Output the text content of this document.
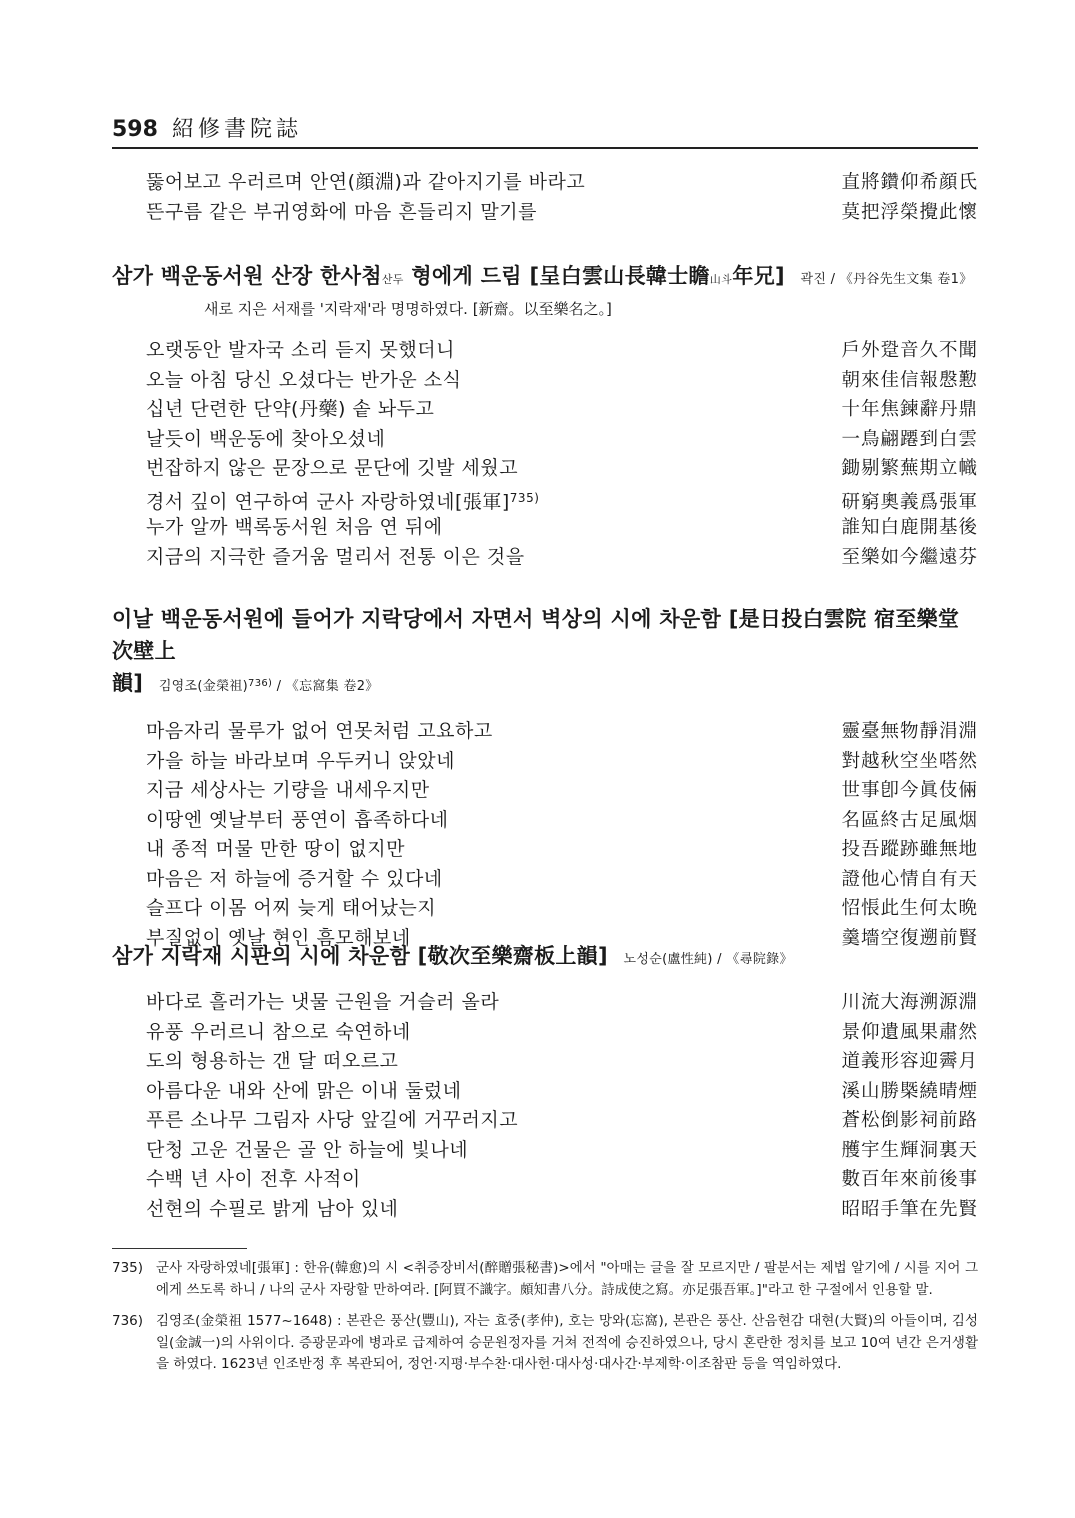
598 紹修書院誌
뚫어보고 우러르며 안연(顔淵)과 같아지기를 바라고	直將鑽仰希顔氏
뜬구름 같은 부귀영화에 마음 흔들리지 말기를	莫把浮榮攪此懷
삼가 백운동서원 산장 한사첨산두 형에게 드림 [呈白雲山長韓士瞻山斗年兄] 곽진 / 《丹谷先生文集 卷1》
새로 지은 서재를 '지락재'라 명명하였다. [新齋。以至樂名之。]
오랫동안 발자국 소리 듣지 못했더니	戶外跫音久不聞
오늘 아침 당신 오셨다는 반가운 소식	朝來佳信報慇懃
십년 단련한 단약(丹藥) 솥 놔두고	十年焦鍊辭丹鼎
날듯이 백운동에 찾아오셨네	一鳥翩蹮到白雲
번잡하지 않은 문장으로 문단에 깃발 세웠고	鋤剔繁蕪期立幟
경서 깊이 연구하여 군사 자랑하였네[張軍]$^{735)}$	研窮奧義爲張軍
누가 알까 백록동서원 처음 연 뒤에	誰知白鹿開基後
지금의 지극한 즐거움 멀리서 전통 이은 것을	至樂如今繼遠芬
이날 백운동서원에 들어가 지락당에서 자면서 벽상의 시에 차운함 [是日投白雲院 宿至樂堂 次壁上
韻] 김영조(金榮祖)$^{736)}$ / 《忘窩集 卷2》
마음자리 물루가 없어 연못처럼 고요하고	靈臺無物靜涓淵
가을 하늘 바라보며 우두커니 앉았네	對越秋空坐嗒然
지금 세상사는 기량을 내세우지만	世事卽今眞伎倆
이땅엔 옛날부터 풍연이 흡족하다네	名區終古足風烟
내 종적 머물 만한 땅이 없지만	投吾蹤跡雖無地
마음은 저 하늘에 증거할 수 있다네	證他心情自有天
슬프다 이몸 어찌 늦게 태어났는지	怊悵此生何太晩
부질없이 옛날 현인 흠모해보네	羹墻空復遡前賢
삼가 지락재 시판의 시에 차운함 [敬次至樂齋板上韻] 노성순(盧性純) / 《尋院錄》
바다로 흘러가는 냇물 근원을 거슬러 올라	川流大海溯源淵
유풍 우러르니 참으로 숙연하네	景仰遺風果肅然
도의 형용하는 갠 달 떠오르고	道義形容迎霽月
아름다운 내와 산에 맑은 이내 둘렀네	溪山勝槩繞晴煙
푸른 소나무 그림자 사당 앞길에 거꾸러지고	蒼松倒影祠前路
단청 고운 건물은 골 안 하늘에 빛나네	雘宇生輝洞裏天
수백 년 사이 전후 사적이	數百年來前後事
선현의 수필로 밝게 남아 있네	昭昭手筆在先賢
735) 군사 자랑하였네[張軍] : 한유(韓愈)의 시 <취증장비서(醉贈張秘書)>에서 "아매는 글을 잘 모르지만 / 팔분서는 제법 알기에 / 시를 지어 그에게 쓰도록 하니 / 나의 군사 자랑할 만하여라. [阿買不識字。頗知書八分。詩成使之寫。亦足張吾軍。]"라고 한 구절에서 인용할 말.
736) 김영조(金榮祖 1577~1648) : 본관은 풍산(豐山), 자는 효중(孝仲), 호는 망와(忘窩), 본관은 풍산. 산음현감 대현(大賢)의 아들이며, 김성일(金誠一)의 사위이다. 증광문과에 병과로 급제하여 승문원정자를 거쳐 전적에 승진하였으나, 당시 혼란한 정치를 보고 10여 년간 은거생활을 하였다. 1623년 인조반정 후 복관되어, 정언·지평·부수찬·대사헌·대사성·대사간·부제학·이조참판 등을 역임하였다.
